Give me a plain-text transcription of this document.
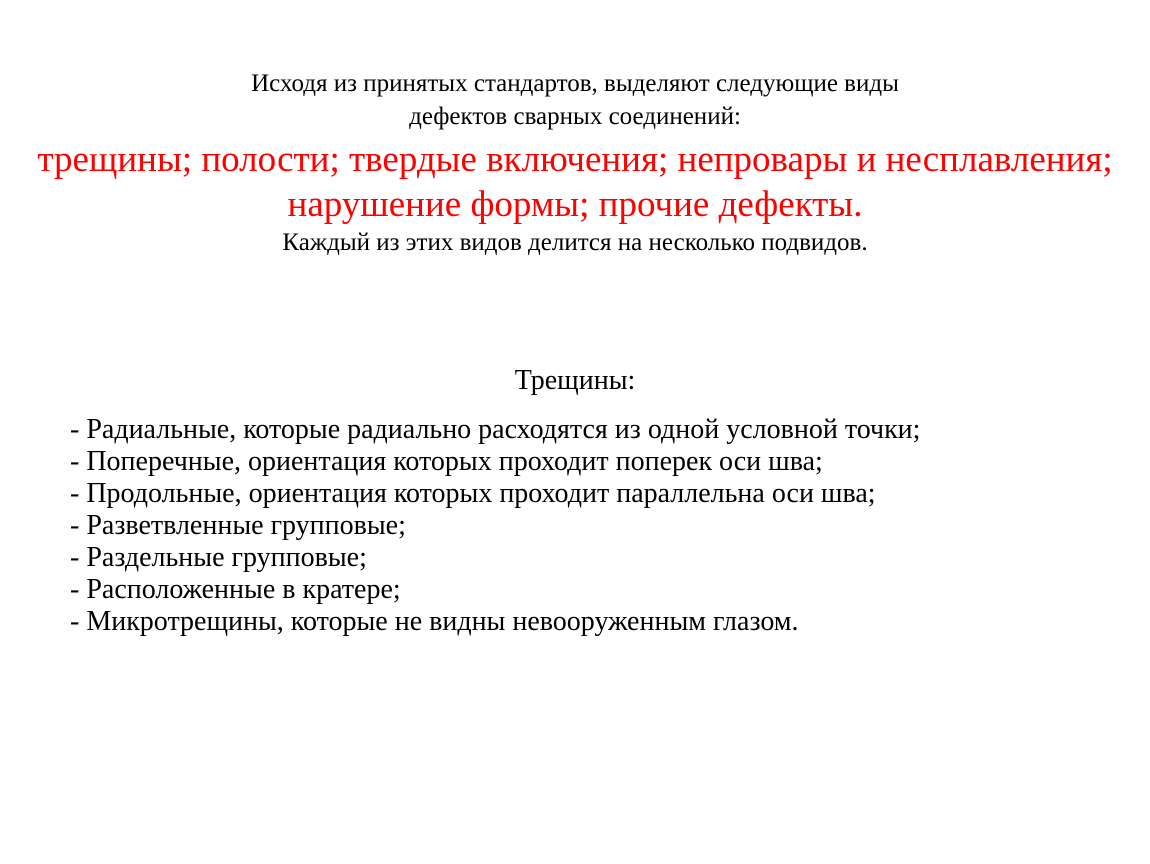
Исходя из принятых стандартов, выделяют следующие виды
дефектов сварных соединений:
трещины; полости; твердые включения; непровары и несплавления;
нарушение формы; прочие дефекты.
Каждый из этих видов делится на несколько подвидов.
Трещины:
- Радиальные, которые радиально расходятся из одной условной точки;
- Поперечные, ориентация которых проходит поперек оси шва;
- Продольные, ориентация которых проходит параллельна оси шва;
- Разветвленные групповые;
- Раздельные групповые;
- Расположенные в кратере;
- Микротрещины, которые не видны невооруженным глазом.
